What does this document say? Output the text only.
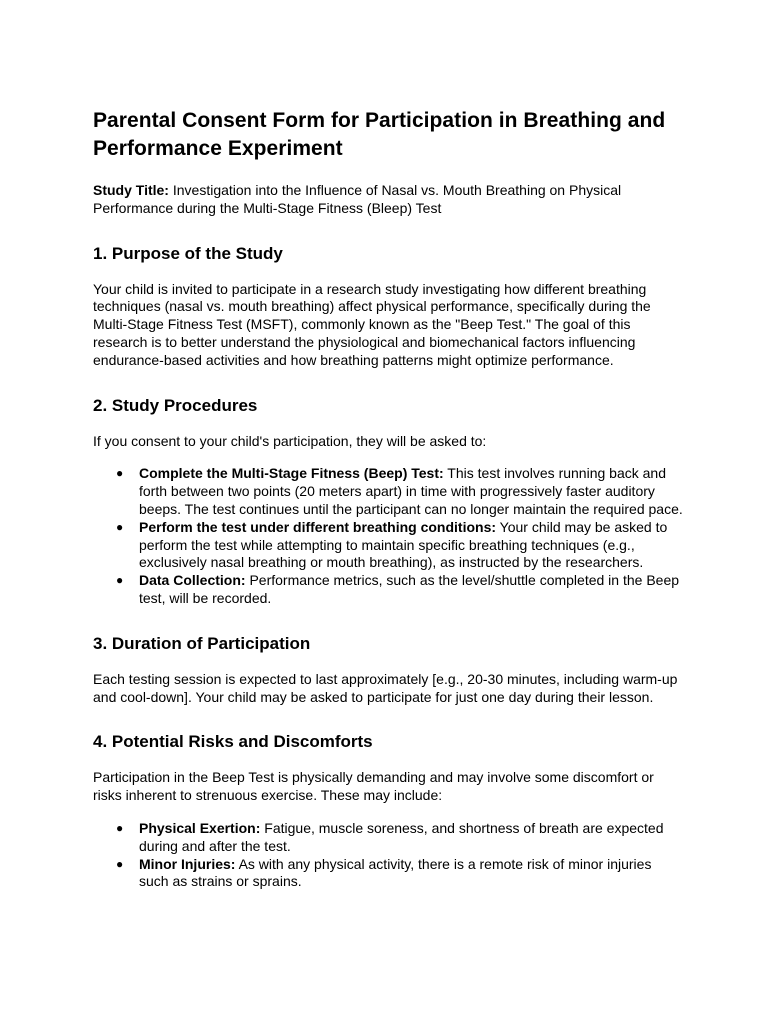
Parental Consent Form for Participation in Breathing and Performance Experiment

Study Title: Investigation into the Influence of Nasal vs. Mouth Breathing on Physical Performance during the Multi-Stage Fitness (Bleep) Test

1. Purpose of the Study

Your child is invited to participate in a research study investigating how different breathing techniques (nasal vs. mouth breathing) affect physical performance, specifically during the Multi-Stage Fitness Test (MSFT), commonly known as the "Beep Test." The goal of this research is to better understand the physiological and biomechanical factors influencing endurance-based activities and how breathing patterns might optimize performance.

2. Study Procedures

If you consent to your child's participation, they will be asked to:

● Complete the Multi-Stage Fitness (Beep) Test: This test involves running back and forth between two points (20 meters apart) in time with progressively faster auditory beeps. The test continues until the participant can no longer maintain the required pace.
● Perform the test under different breathing conditions: Your child may be asked to perform the test while attempting to maintain specific breathing techniques (e.g., exclusively nasal breathing or mouth breathing), as instructed by the researchers.
● Data Collection: Performance metrics, such as the level/shuttle completed in the Beep test, will be recorded.
3. Duration of Participation

Each testing session is expected to last approximately [e.g., 20-30 minutes, including warm-up and cool-down]. Your child may be asked to participate for just one day during their lesson.

4. Potential Risks and Discomforts

Participation in the Beep Test is physically demanding and may involve some discomfort or risks inherent to strenuous exercise. These may include:

● Physical Exertion: Fatigue, muscle soreness, and shortness of breath are expected during and after the test.
● Minor Injuries: As with any physical activity, there is a remote risk of minor injuries such as strains or sprains.
